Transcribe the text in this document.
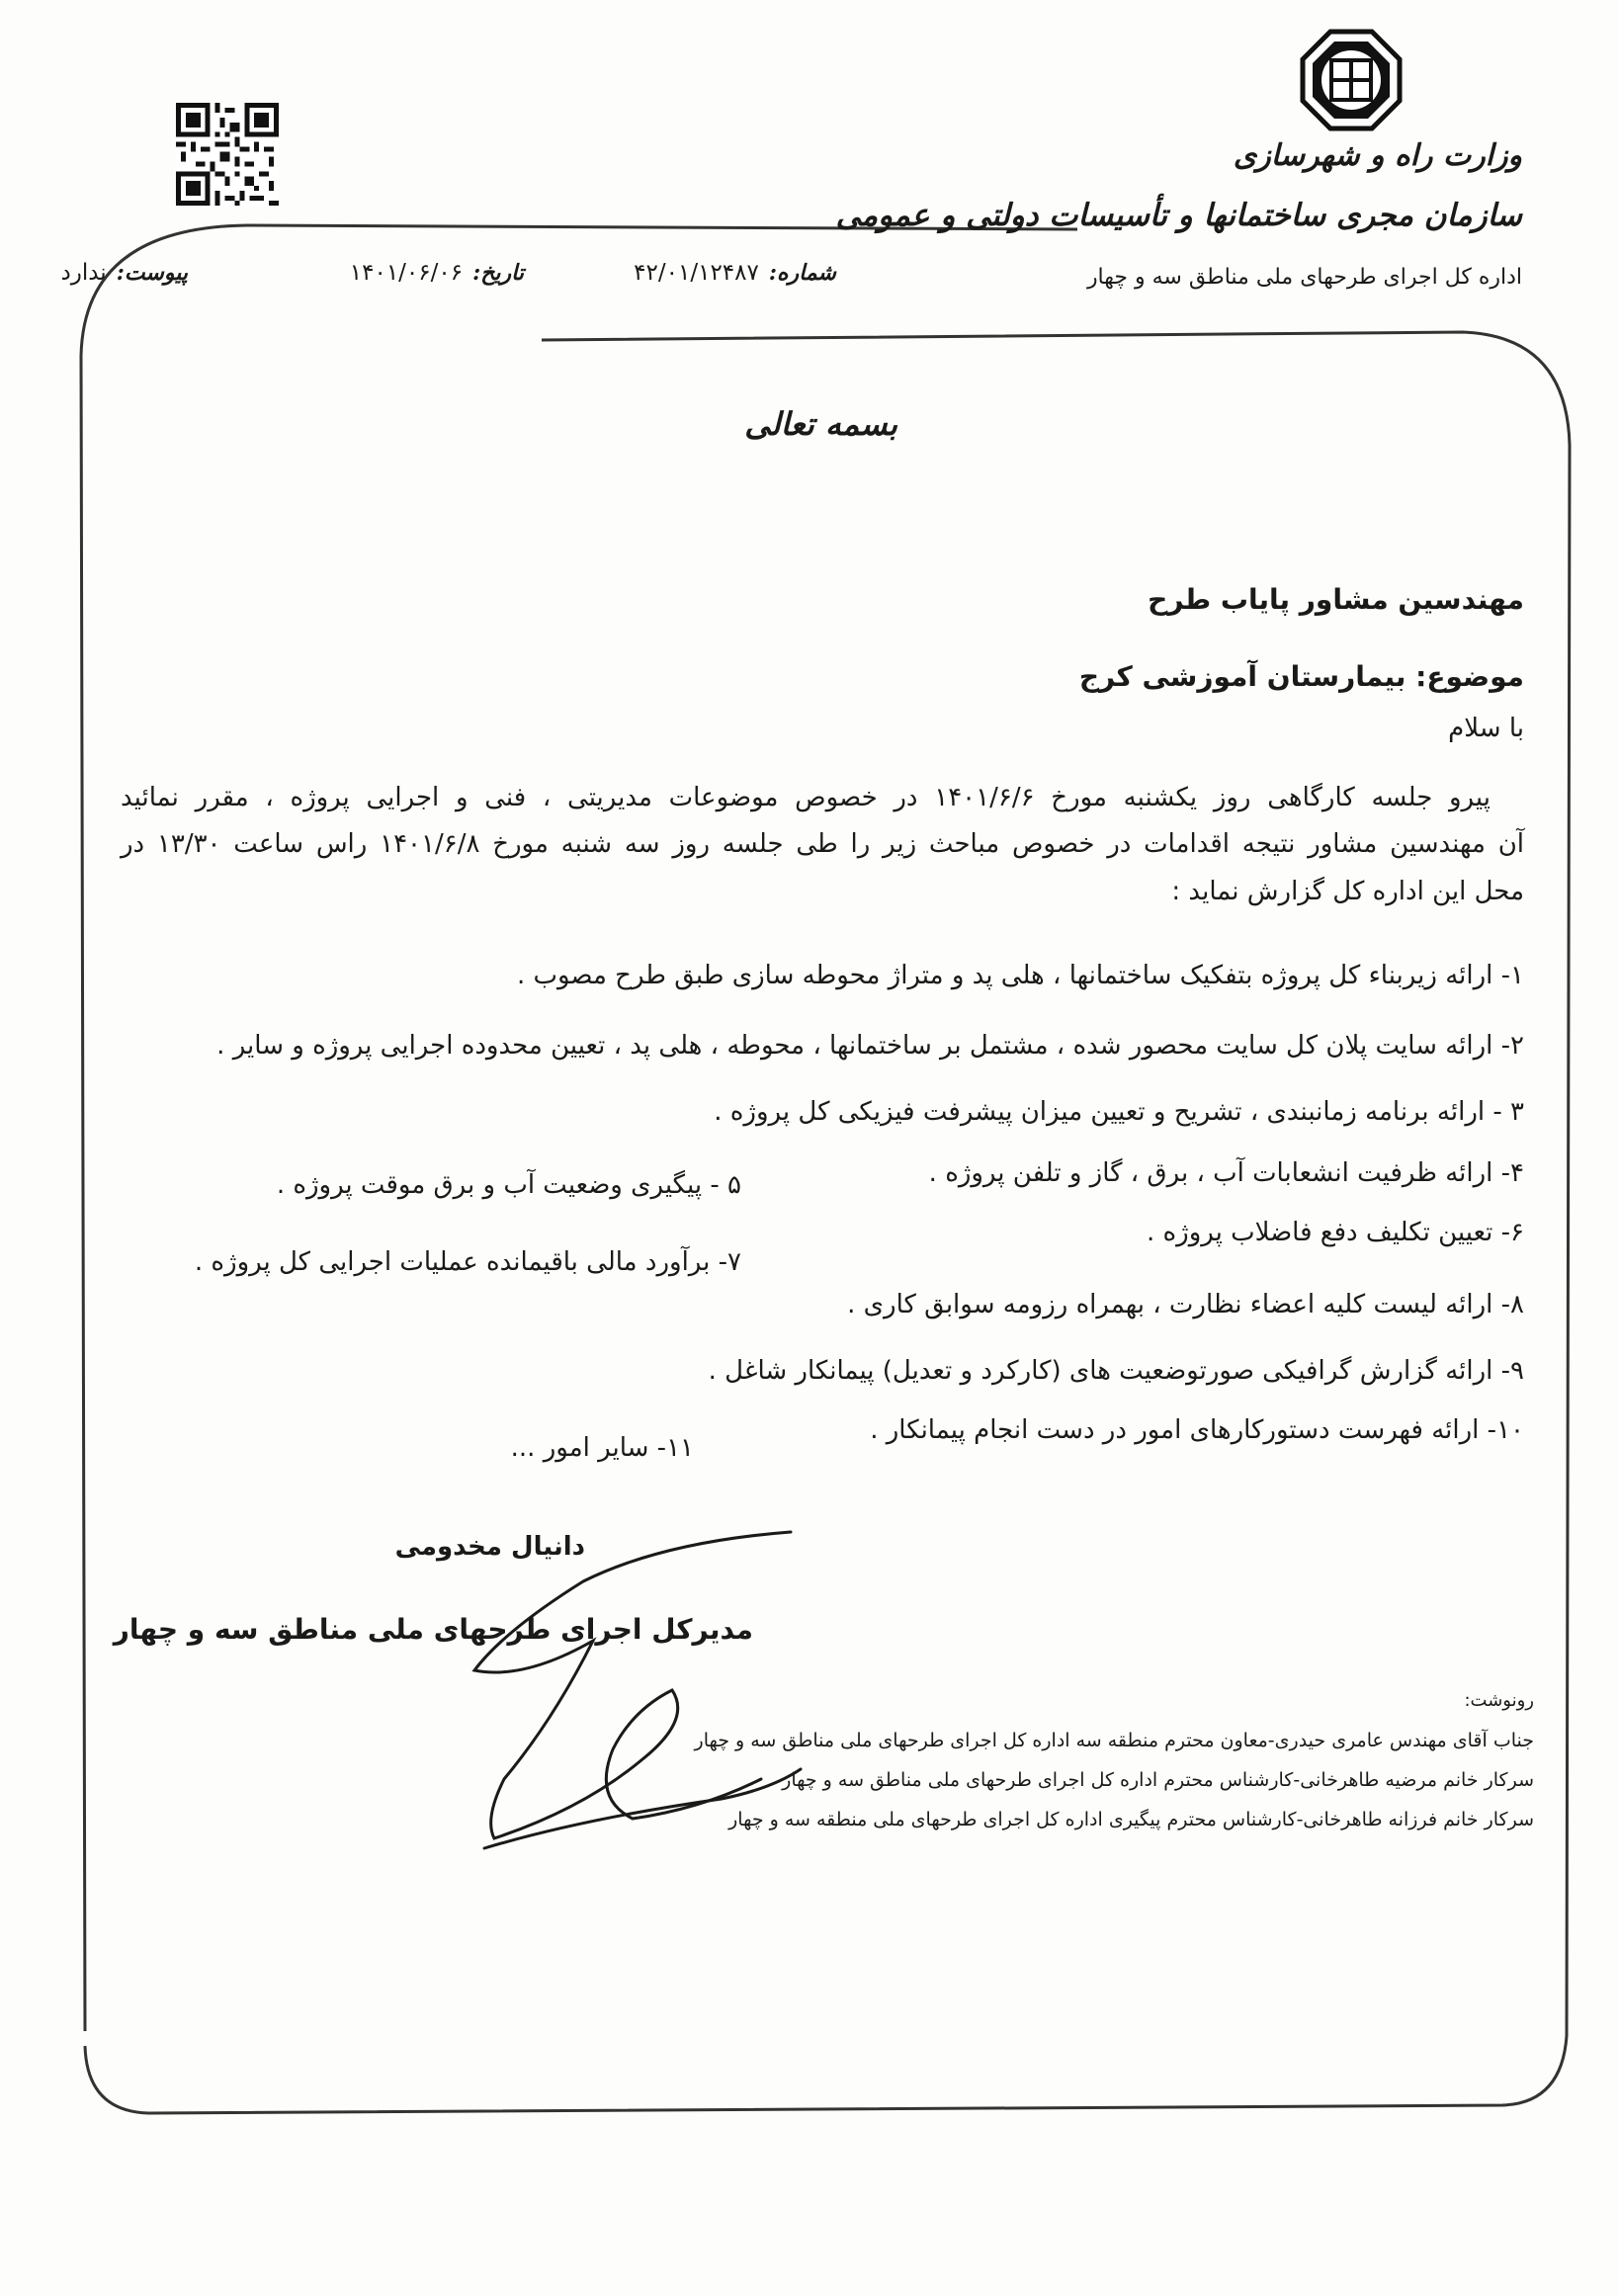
وزارت راه و شهرسازی
سازمان مجری ساختمانها و تأسیسات دولتی و عمومی
اداره کل اجرای طرحهای ملی مناطق سه و چهار
شماره:
۴۲/۰۱/۱۲۴۸۷
تاریخ:
۱۴۰۱/۰۶/۰۶
پیوست:
ندارد
بسمه تعالی
مهندسین مشاور پایاب طرح
موضوع: بیمارستان آموزشی کرج
با سلام
پیرو جلسه کارگاهی روز یکشنبه مورخ ۱۴۰۱/۶/۶ در خصوص موضوعات مدیریتی ، فنی و اجرایی پروژه ، مقرر نمائید
آن مهندسین مشاور نتیجه اقدامات در خصوص مباحث زیر را طی جلسه روز سه شنبه مورخ ۱۴۰۱/۶/۸ راس ساعت ۱۳/۳۰ در
محل این اداره کل گزارش نماید :
۱- ارائه زیربناء کل پروژه بتفکیک ساختمانها ، هلی پد و متراژ محوطه سازی طبق طرح مصوب .
۲- ارائه سایت پلان کل سایت محصور شده ، مشتمل بر ساختمانها ، محوطه ، هلی پد ، تعیین محدوده اجرایی پروژه و سایر .
۳ - ارائه برنامه زمانبندی ، تشریح و تعیین میزان پیشرفت فیزیکی کل پروژه .
۴- ارائه ظرفیت انشعابات آب ، برق ، گاز و تلفن پروژه .
۵ - پیگیری وضعیت آب و برق موقت پروژه .
۶- تعیین تکلیف دفع فاضلاب پروژه .
۷- برآورد مالی باقیمانده عملیات اجرایی کل پروژه .
۸- ارائه لیست کلیه اعضاء نظارت ، بهمراه رزومه سوابق کاری .
۹- ارائه گزارش گرافیکی صورتوضعیت های (کارکرد و تعدیل) پیمانکار شاغل .
۱۰- ارائه فهرست دستورکارهای امور در دست انجام پیمانکار .
۱۱- سایر امور ...
دانیال مخدومی
مدیرکل اجرای طرحهای ملی مناطق سه و چهار
رونوشت:
جناب آقای مهندس عامری حیدری-معاون محترم منطقه سه اداره کل اجرای طرحهای ملی مناطق سه و چهار
سرکار خانم مرضیه طاهرخانی-کارشناس محترم اداره کل اجرای طرحهای ملی مناطق سه و چهار
سرکار خانم فرزانه طاهرخانی-کارشناس محترم پیگیری اداره کل اجرای طرحهای ملی منطقه سه و چهار
